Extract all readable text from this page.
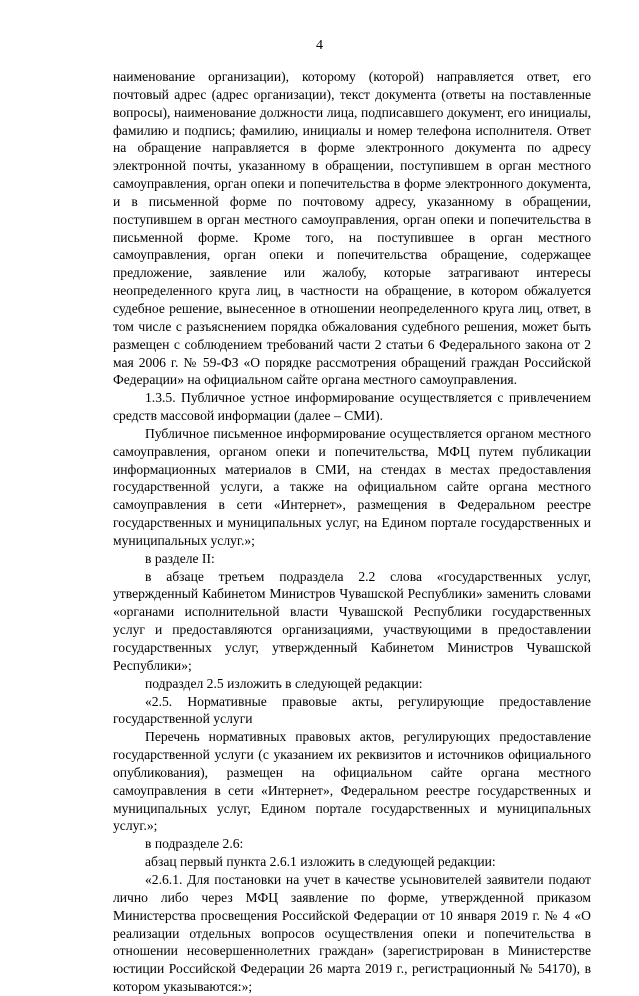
4

наименование организации), которому (которой) направляется ответ, его почтовый адрес (адрес организации), текст документа (ответы на поставленные вопросы), наименование должности лица, подписавшего документ, его инициалы, фамилию и подпись; фамилию, инициалы и номер телефона исполнителя. Ответ на обращение направляется в форме электронного документа по адресу электронной почты, указанному в обращении, поступившем в орган местного самоуправления, орган опеки и попечительства в форме электронного документа, и в письменной форме по почтовому адресу, указанному в обращении, поступившем в орган местного самоуправления, орган опеки и попечительства в письменной форме. Кроме того, на поступившее в орган местного самоуправления, орган опеки и попечительства обращение, содержащее предложение, заявление или жалобу, которые затрагивают интересы неопределенного круга лиц, в частности на обращение, в котором обжалуется судебное решение, вынесенное в отношении неопределенного круга лиц, ответ, в том числе с разъяснением порядка обжалования судебного решения, может быть размещен с соблюдением требований части 2 статьи 6 Федерального закона от 2 мая 2006 г. № 59-ФЗ «О порядке рассмотрения обращений граждан Российской Федерации» на официальном сайте органа местного самоуправления.

1.3.5. Публичное устное информирование осуществляется с привлечением средств массовой информации (далее – СМИ).

Публичное письменное информирование осуществляется органом местного самоуправления, органом опеки и попечительства, МФЦ путем публикации информационных материалов в СМИ, на стендах в местах предоставления государственной услуги, а также на официальном сайте органа местного самоуправления в сети «Интернет», размещения в Федеральном реестре государственных и муниципальных услуг, на Едином портале государственных и муниципальных услуг.»;

в разделе II:

в абзаце третьем подраздела 2.2 слова «государственных услуг, утвержденный Кабинетом Министров Чувашской Республики» заменить словами «органами исполнительной власти Чувашской Республики государственных услуг и предоставляются организациями, участвующими в предоставлении государственных услуг, утвержденный Кабинетом Министров Чувашской Республики»;

подраздел 2.5 изложить в следующей редакции:

«2.5. Нормативные правовые акты, регулирующие предоставление государственной услуги

Перечень нормативных правовых актов, регулирующих предоставление государственной услуги (с указанием их реквизитов и источников официального опубликования), размещен на официальном сайте органа местного самоуправления в сети «Интернет», Федеральном реестре государственных и муниципальных услуг, Едином портале государственных и муниципальных услуг.»;

в подразделе 2.6:

абзац первый пункта 2.6.1 изложить в следующей редакции:

«2.6.1. Для постановки на учет в качестве усыновителей заявители подают лично либо через МФЦ заявление по форме, утвержденной приказом Министерства просвещения Российской Федерации от 10 января 2019 г. № 4 «О реализации отдельных вопросов осуществления опеки и попечительства в отношении несовершеннолетних граждан» (зарегистрирован в Министерстве юстиции Российской Федерации 26 марта 2019 г., регистрационный № 54170), в котором указываются:»;
